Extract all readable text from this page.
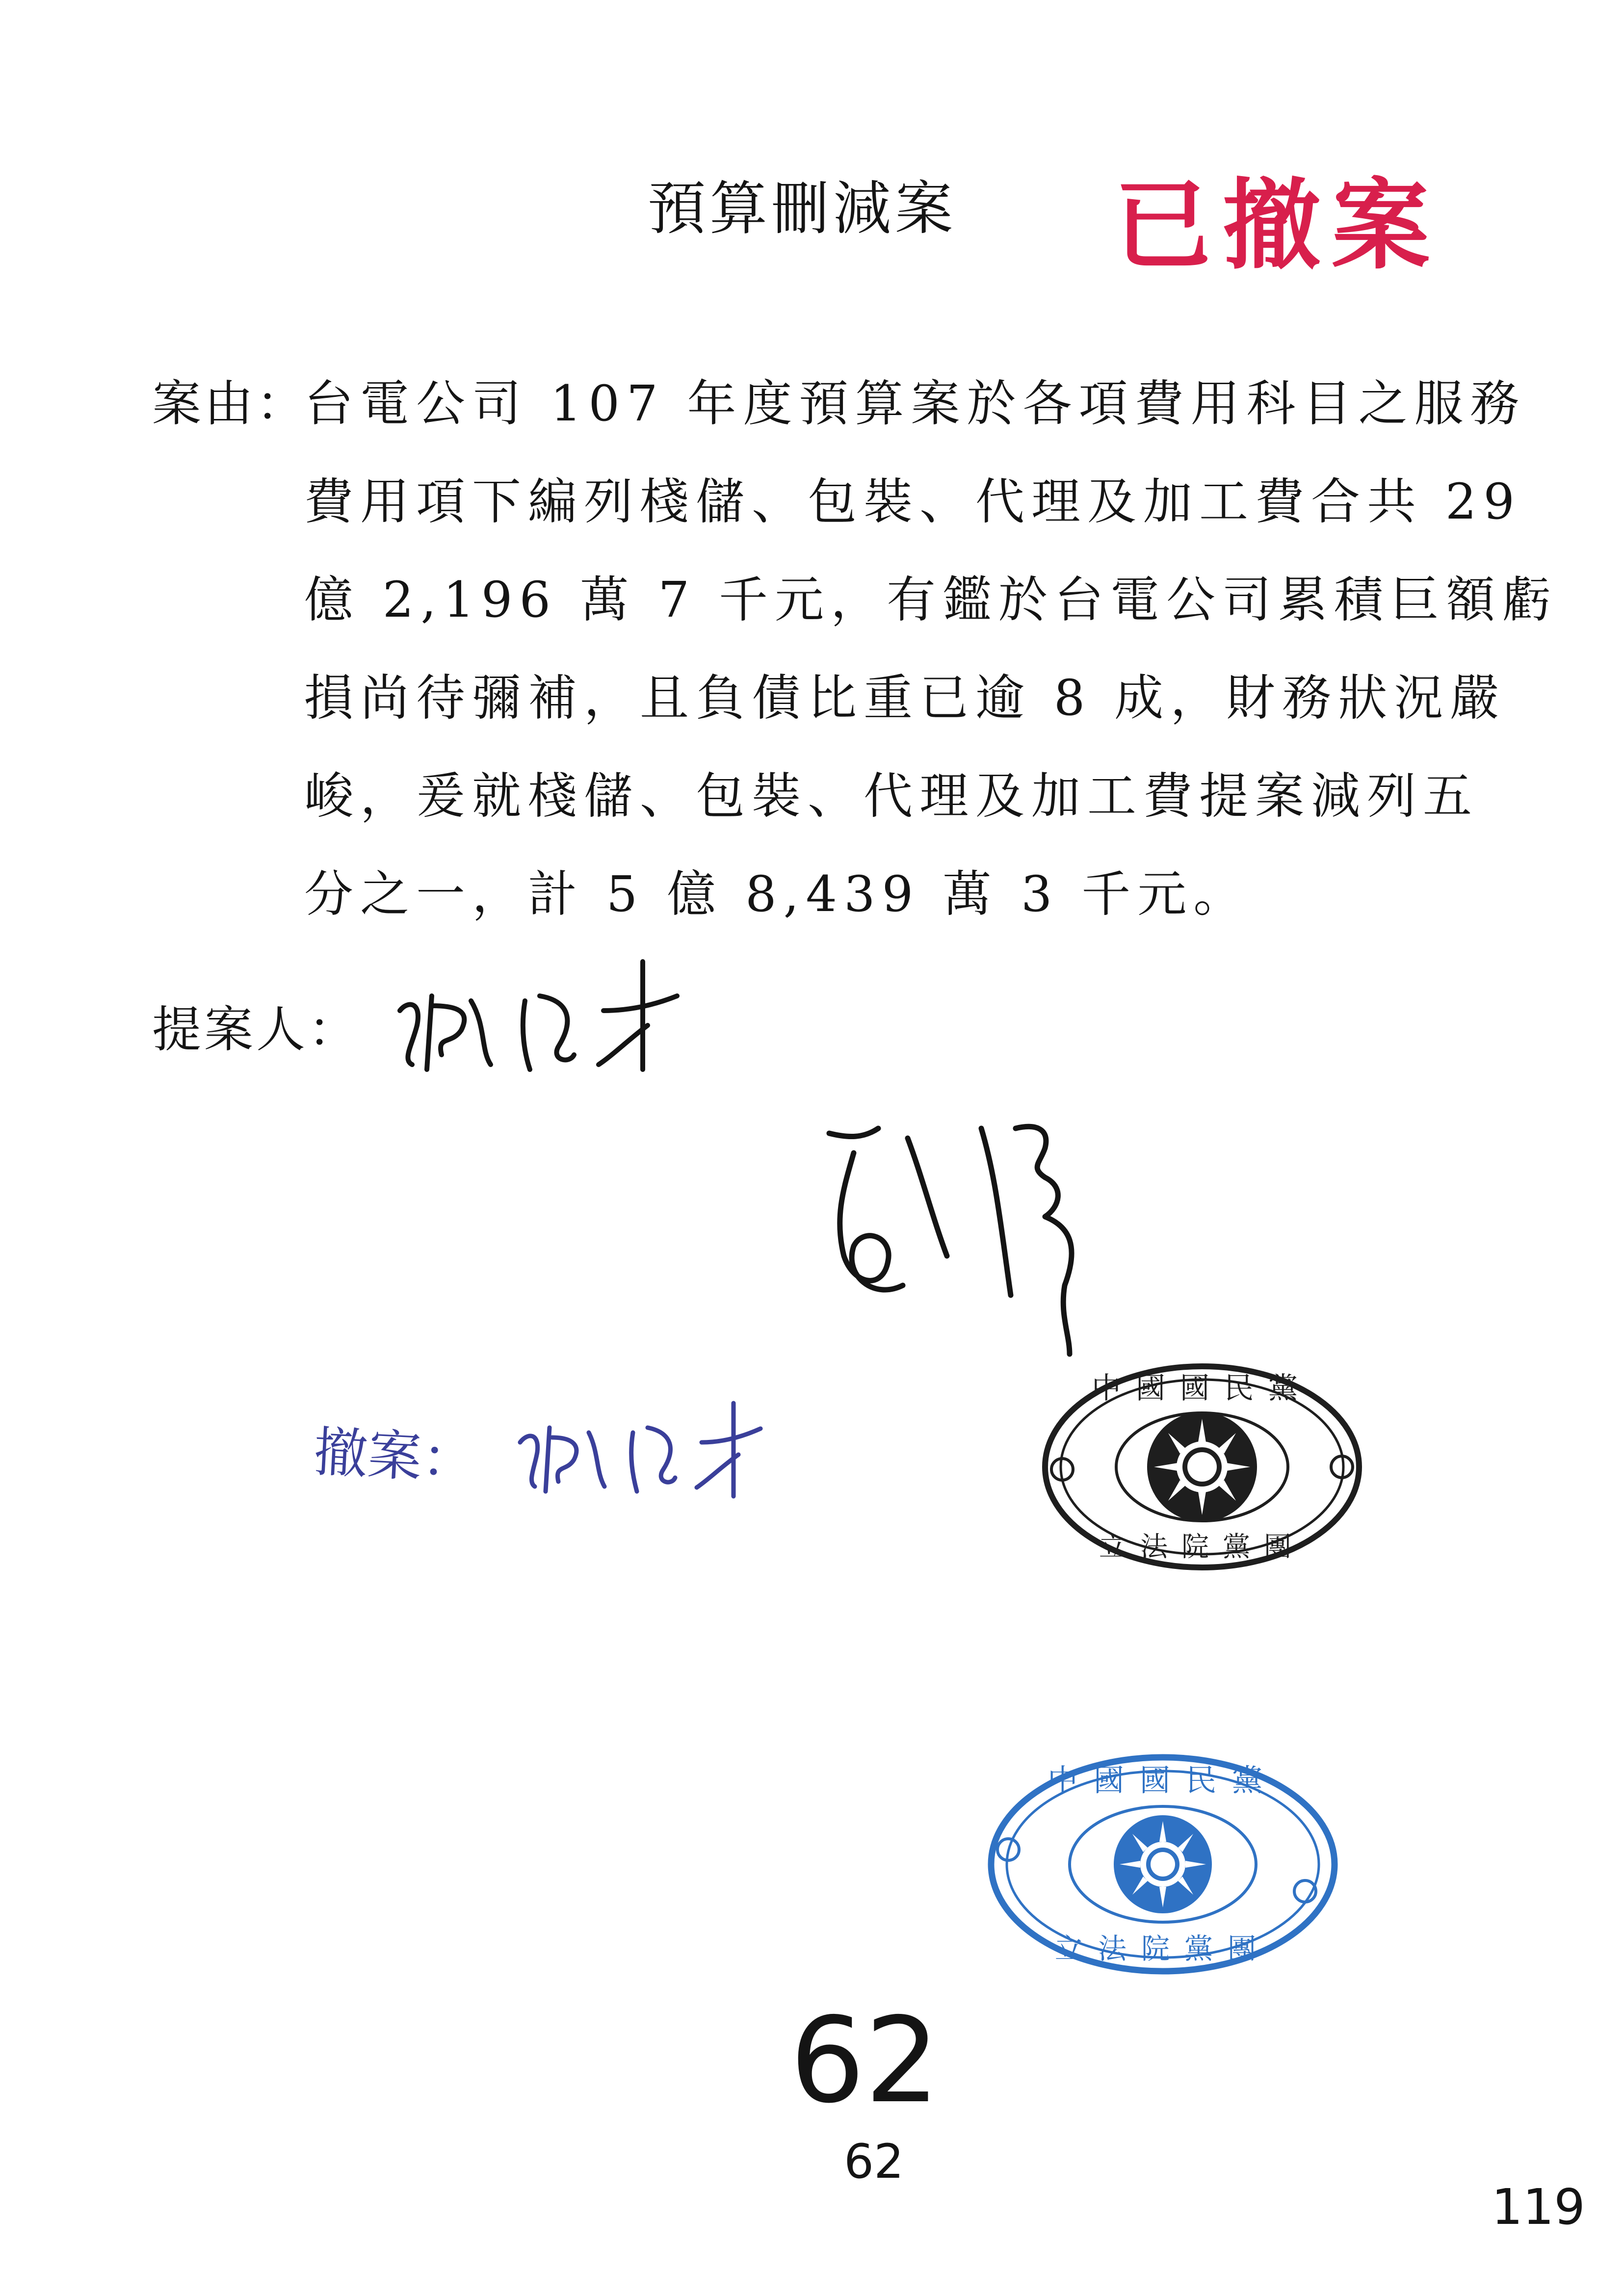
預算刪減案 已撤案
案由：
台電公司 107 年度預算案於各項費用科目之服務
費用項下編列棧儲、包裝、代理及加工費合共 29
億 2,196 萬 7 千元，有鑑於台電公司累積巨額虧
損尚待彌補，且負債比重已逾 8 成，財務狀況嚴
峻，爰就棧儲、包裝、代理及加工費提案減列五
分之一，計 5 億 8,439 萬 3 千元。
提案人：
中國國民黨
立法院黨團
中國國民黨
立法院黨團
撤案：
62
62
119
